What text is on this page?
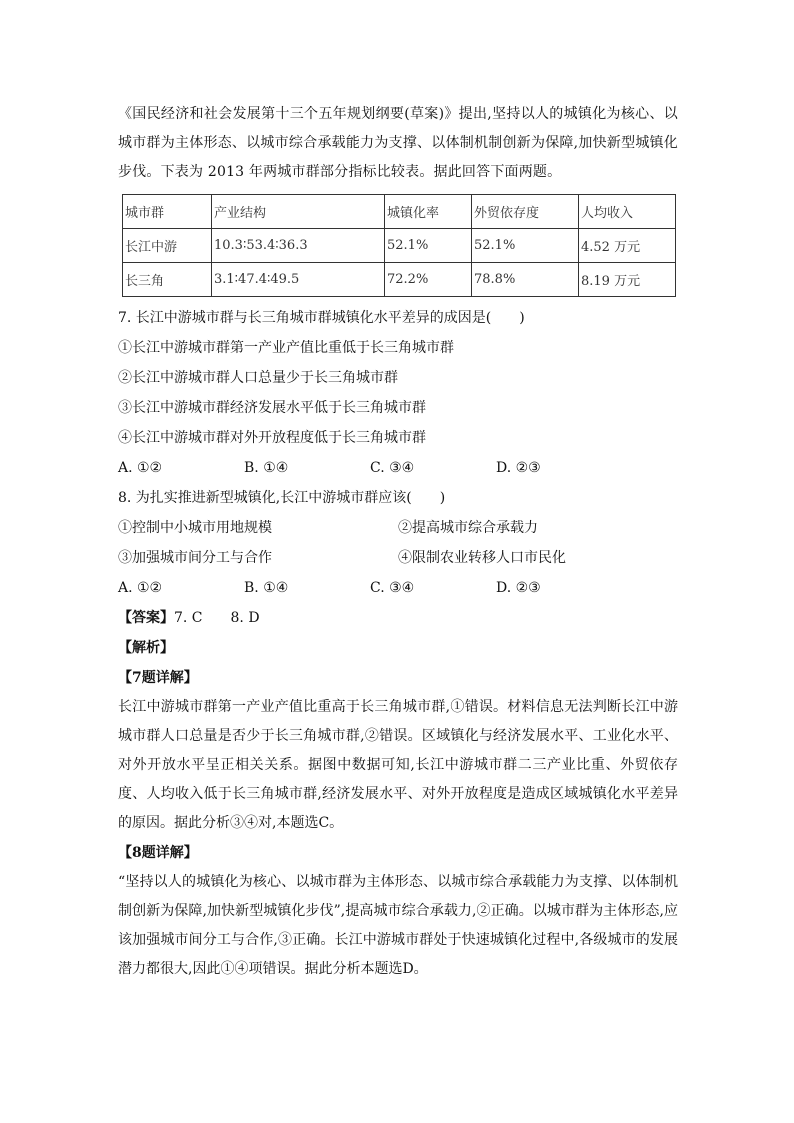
《国民经济和社会发展第十三个五年规划纲要(草案)》提出,坚持以人的城镇化为核心、以城市群为主体形态、以城市综合承载能力为支撑、以体制机制创新为保障,加快新型城镇化步伐。下表为 2013 年两城市群部分指标比较表。据此回答下面两题。

城市群	产业结构	城镇化率	外贸依存度	人均收入
长江中游	10.3∶53.4∶36.3	52.1%	52.1%	4.52 万元
长三角	3.1∶47.4∶49.5	72.2%	78.8%	8.19 万元

7. 长江中游城市群与长三角城市群城镇化水平差异的成因是(　　)

①长江中游城市群第一产业产值比重低于长三角城市群

②长江中游城市群人口总量少于长三角城市群

③长江中游城市群经济发展水平低于长三角城市群

④长江中游城市群对外开放程度低于长三角城市群

A. ①②	B. ①④	C. ③④	D. ②③

8. 为扎实推进新型城镇化,长江中游城市群应该(　　)

①控制中小城市用地规模	②提高城市综合承载力
③加强城市间分工与合作	④限制农业转移人口市民化
A. ①②	B. ①④	C. ③④	D. ②③

【答案】7. C　　8. D

【解析】

【7题详解】

长江中游城市群第一产业产值比重高于长三角城市群,①错误。材料信息无法判断长江中游城市群人口总量是否少于长三角城市群,②错误。区域镇化与经济发展水平、工业化水平、对外开放水平呈正相关关系。据图中数据可知,长江中游城市群二三产业比重、外贸依存度、人均收入低于长三角城市群,经济发展水平、对外开放程度是造成区域城镇化水平差异的原因。据此分析③④对,本题选C。

【8题详解】

“坚持以人的城镇化为核心、以城市群为主体形态、以城市综合承载能力为支撑、以体制机制创新为保障,加快新型城镇化步伐”,提高城市综合承载力,②正确。以城市群为主体形态,应该加强城市间分工与合作,③正确。长江中游城市群处于快速城镇化过程中,各级城市的发展潜力都很大,因此①④项错误。据此分析本题选D。
